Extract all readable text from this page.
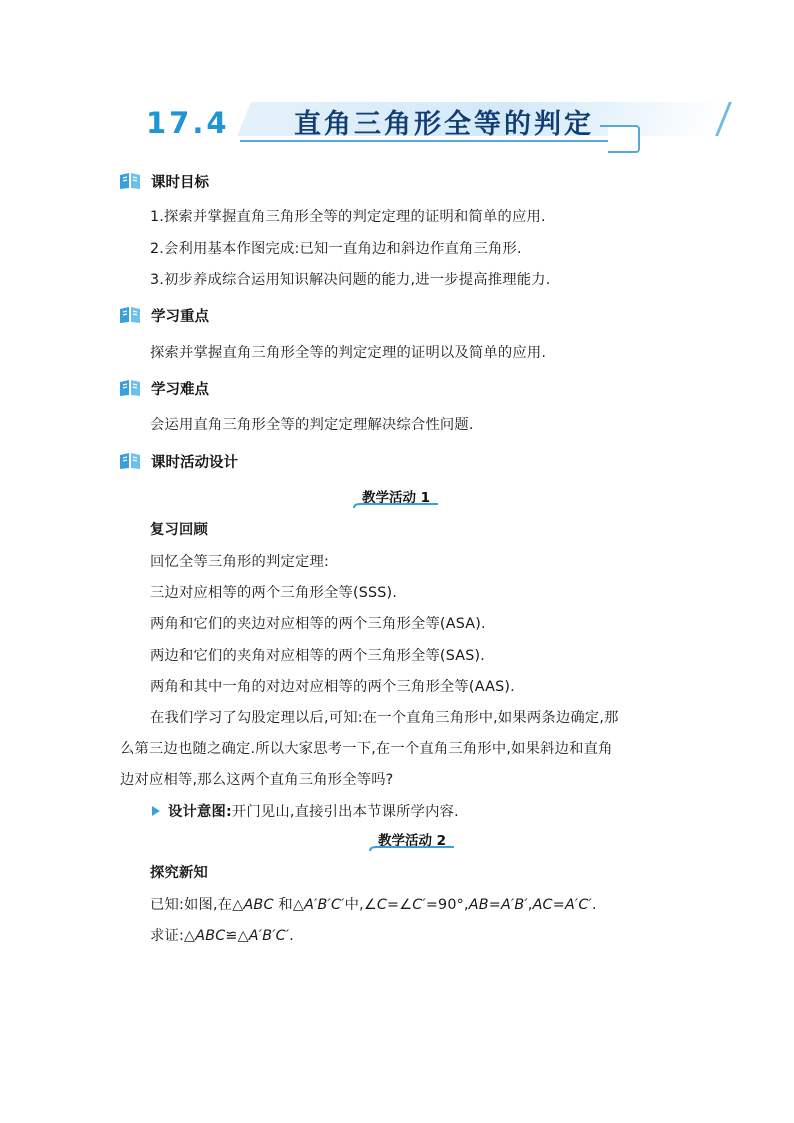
17.4 直角三角形全等的判定
课时目标
1.探索并掌握直角三角形全等的判定定理的证明和简单的应用.
2.会利用基本作图完成:已知一直角边和斜边作直角三角形.
3.初步养成综合运用知识解决问题的能力,进一步提高推理能力.
学习重点
探索并掌握直角三角形全等的判定定理的证明以及简单的应用.
学习难点
会运用直角三角形全等的判定定理解决综合性问题.
课时活动设计
教学活动 1
复习回顾
回忆全等三角形的判定定理:
三边对应相等的两个三角形全等(SSS).
两角和它们的夹边对应相等的两个三角形全等(ASA).
两边和它们的夹角对应相等的两个三角形全等(SAS).
两角和其中一角的对边对应相等的两个三角形全等(AAS).
在我们学习了勾股定理以后,可知:在一个直角三角形中,如果两条边确定,那
么第三边也随之确定.所以大家思考一下,在一个直角三角形中,如果斜边和直角
边对应相等,那么这两个直角三角形全等吗?
设计意图:开门见山,直接引出本节课所学内容.
教学活动 2
探究新知
已知:如图,在△ABC 和△A′B′C′中,∠C=∠C′=90°,AB=A′B′,AC=A′C′.
求证:△ABC≌△A′B′C′.
